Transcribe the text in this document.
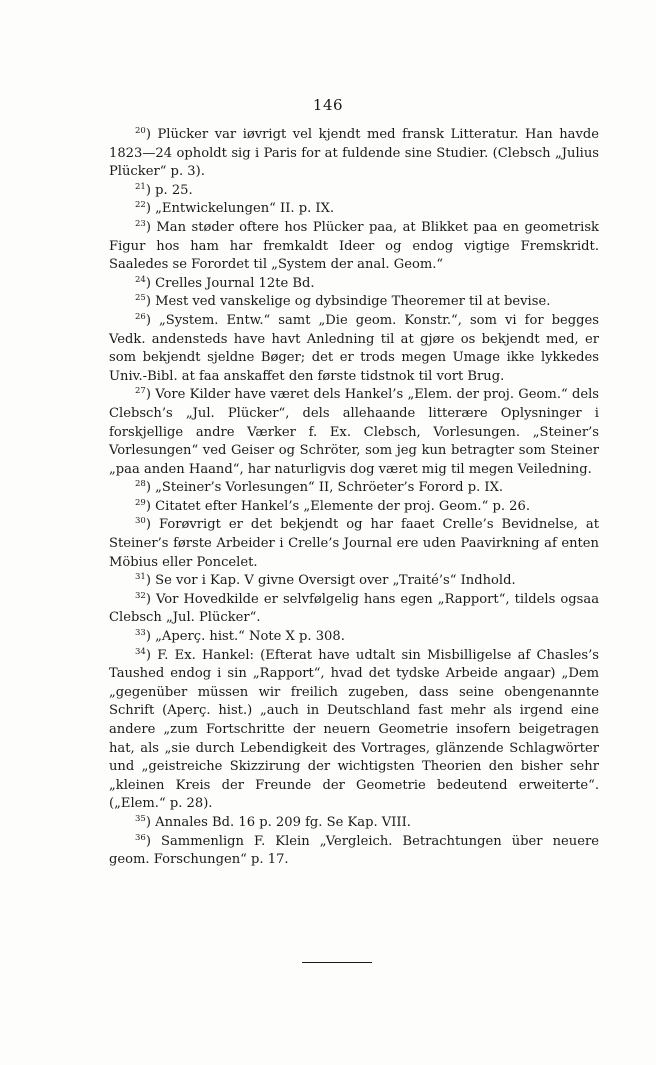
146

$^{20}$) Plücker var iøvrigt vel kjendt med fransk Litteratur. Han havde 1823—24 opholdt sig i Paris for at fuldende sine Studier. (Clebsch „Julius Plücker“ p. 3).

$^{21}$) p. 25.

$^{22}$) „Entwickelungen“ II. p. IX.

$^{23}$) Man støder oftere hos Plücker paa, at Blikket paa en geometrisk Figur hos ham har fremkaldt Ideer og endog vigtige Fremskridt. Saaledes se Forordet til „System der anal. Geom.“

$^{24}$) Crelles Journal 12te Bd.

$^{25}$) Mest ved vanskelige og dybsindige Theoremer til at bevise.

$^{26}$) „System. Entw.“ samt „Die geom. Konstr.“, som vi for begges Vedk. andensteds have havt Anledning til at gjøre os bekjendt med, er som bekjendt sjeldne Bøger; det er trods megen Umage ikke lykkedes Univ.-Bibl. at faa anskaffet den første tidstnok til vort Brug.

$^{27}$) Vore Kilder have været dels Hankel’s „Elem. der proj. Geom.“ dels Clebsch’s „Jul. Plücker“, dels allehaande litterære Oplysninger i forskjellige andre Værker f. Ex. Clebsch, Vorlesungen. „Steiner’s Vorlesungen“ ved Geiser og Schröter, som jeg kun betragter som Steiner „paa anden Haand“, har naturligvis dog været mig til megen Veiledning.

$^{28}$) „Steiner’s Vorlesungen“ II, Schröeter’s Forord p. IX.

$^{29}$) Citatet efter Hankel’s „Elemente der proj. Geom.“ p. 26.

$^{30}$) Forøvrigt er det bekjendt og har faaet Crelle’s Bevidnelse, at Steiner’s første Arbeider i Crelle’s Journal ere uden Paavirkning af enten Möbius eller Poncelet.

$^{31}$) Se vor i Kap. V givne Oversigt over „Traité’s“ Indhold.

$^{32}$) Vor Hovedkilde er selvfølgelig hans egen „Rapport“, tildels ogsaa Clebsch „Jul. Plücker“.

$^{33}$) „Aperç. hist.“ Note X p. 308.

$^{34}$) F. Ex. Hankel: (Efterat have udtalt sin Misbilligelse af Chasles’s Taushed endog i sin „Rapport“, hvad det tydske Arbeide angaar) „Dem „gegenüber müssen wir freilich zugeben, dass seine obengenannte Schrift (Aperç. hist.) „auch in Deutschland fast mehr als irgend eine andere „zum Fortschritte der neuern Geometrie insofern beigetragen hat, als „sie durch Lebendigkeit des Vortrages, glänzende Schlagwörter und „geistreiche Skizzirung der wichtigsten Theorien den bisher sehr „kleinen Kreis der Freunde der Geometrie bedeutend erweiterte“. („Elem.“ p. 28).

$^{35}$) Annales Bd. 16 p. 209 fg. Se Kap. VIII.

$^{36}$) Sammenlign F. Klein „Vergleich. Betrachtungen über neuere geom. Forschungen“ p. 17.
